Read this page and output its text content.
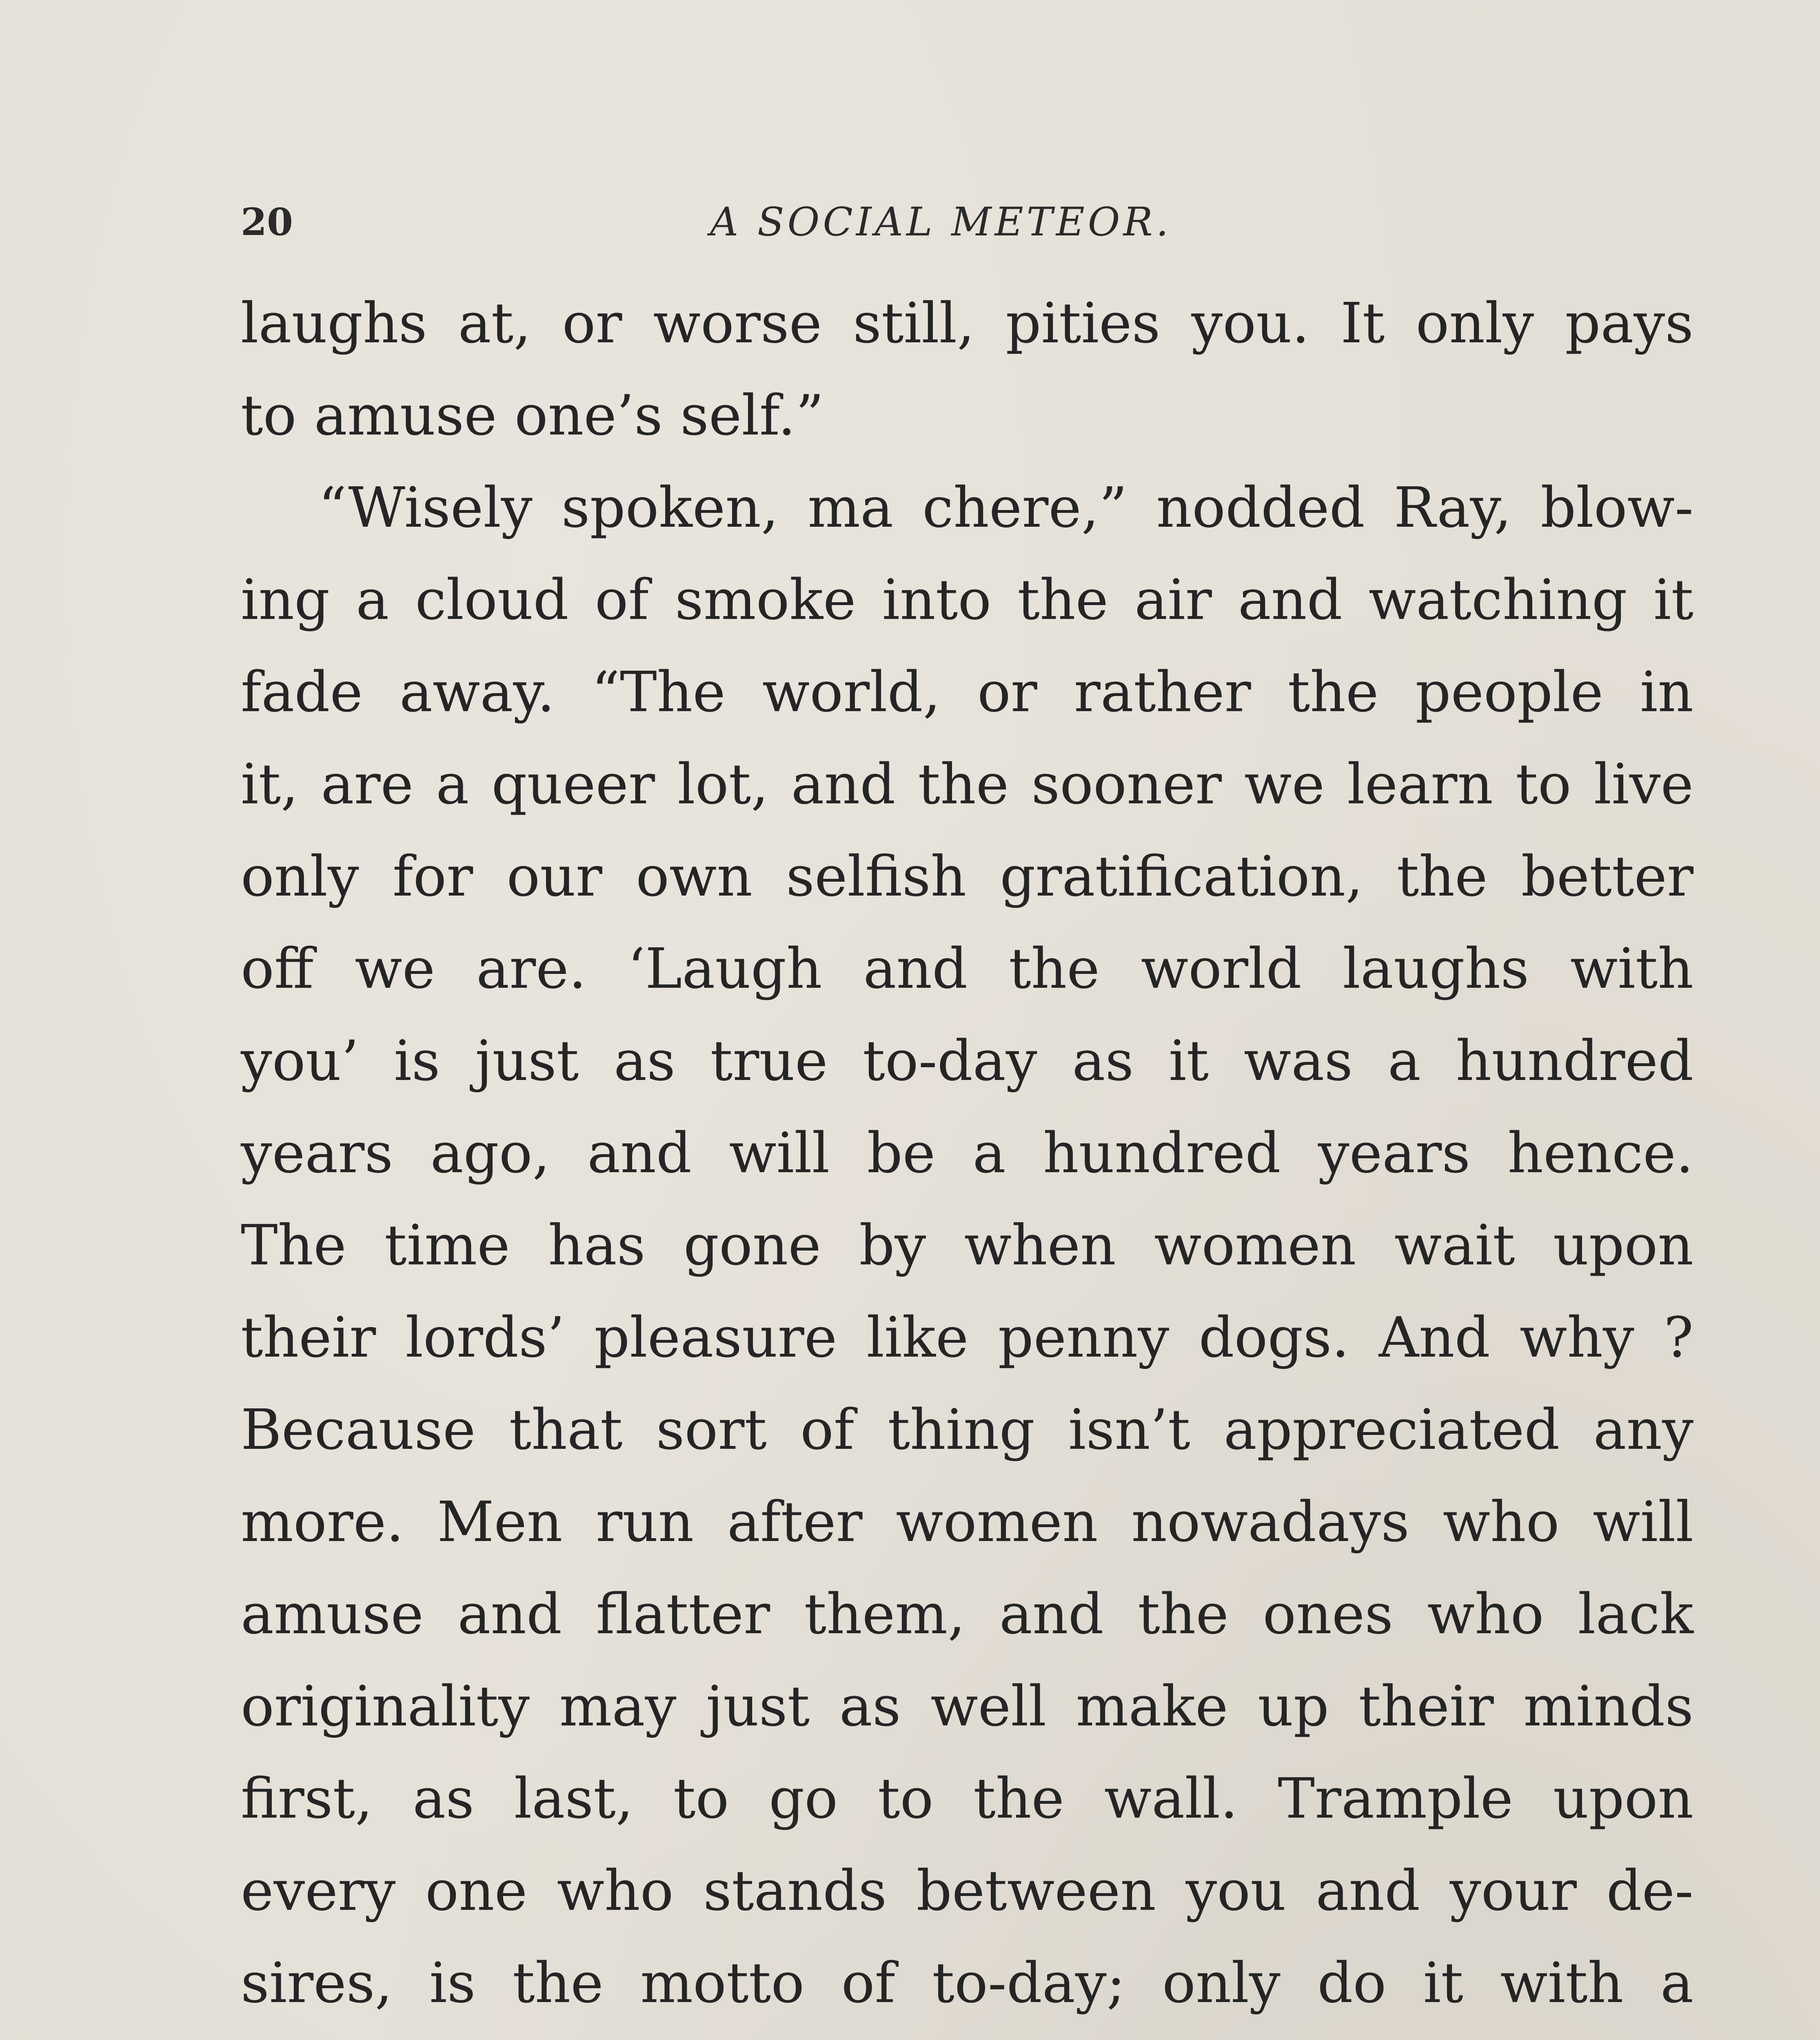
20	A SOCIAL METEOR.
laughs at, or worse still, pities you. It only pays
to amuse one’s self.”
“Wisely spoken, ma chere,” nodded Ray, blow-
ing a cloud of smoke into the air and watching it
fade away. “The world, or rather the people in
it, are a queer lot, and the sooner we learn to live
only for our own selfish gratification, the better
off we are. ‘Laugh and the world laughs with
you’ is just as true to-day as it was a hundred
years ago, and will be a hundred years hence.
The time has gone by when women wait upon
their lords’ pleasure like penny dogs. And why ?
Because that sort of thing isn’t appreciated any
more. Men run after women nowadays who will
amuse and flatter them, and the ones who lack
originality may just as well make up their minds
first, as last, to go to the wall. Trample upon
every one who stands between you and your de-
sires, is the motto of to-day; only do it with a
